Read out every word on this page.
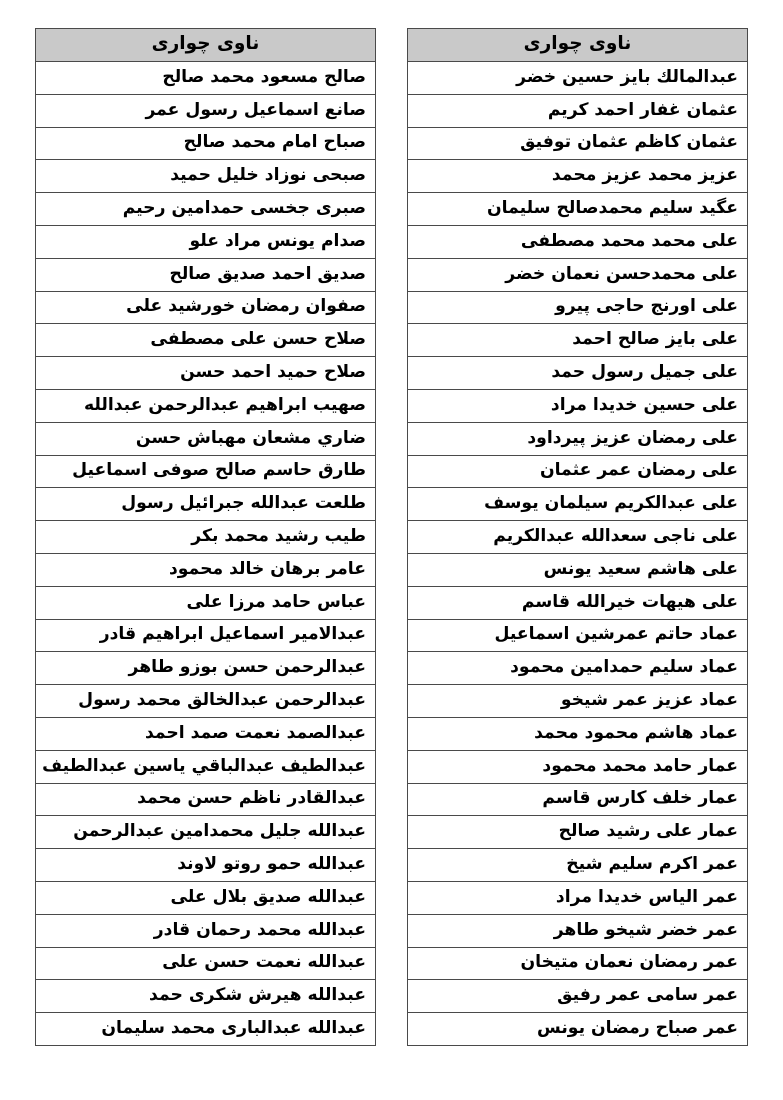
ناوی چواری
صالح مسعود محمد صالح
صانع اسماعيل رسول عمر
صباح امام محمد صالح
صبحى نوزاد خليل حميد
صبرى جخسى حمدامين رحيم
صدام يونس مراد علو
صديق احمد صديق صالح
صفوان رمضان خورشيد على
صلاح حسن على مصطفى
صلاح حميد احمد حسن
صهيب ابراهيم عبدالرحمن عبدالله
ضاري مشعان مهباش حسن
طارق حاسم صالح صوفى اسماعيل
طلعت عبدالله جبرائيل رسول
طيب رشيد محمد بكر
عامر برهان خالد محمود
عباس حامد مرزا على
عبدالامير اسماعيل ابراهيم قادر
عبدالرحمن حسن بوزو طاهر
عبدالرحمن عبدالخالق محمد رسول
عبدالصمد نعمت صمد احمد
عبدالطيف عبدالباقي ياسين عبدالطيف
عبدالقادر ناظم حسن محمد
عبدالله جليل محمدامين عبدالرحمن
عبدالله حمو روتو لاوند
عبدالله صديق بلال على
عبدالله محمد رحمان قادر
عبدالله نعمت حسن على
عبدالله هيرش شكرى حمد
عبدالله عبدالبارى محمد سليمان
ناوی چواری
عبدالمالك بايز حسين خضر
عثمان غفار احمد كريم
عثمان كاظم عثمان توفيق
عزيز محمد عزيز محمد
عگيد سليم محمدصالح سليمان
على محمد محمد مصطفى
على محمدحسن نعمان خضر
على اورنج حاجى پيرو
على بايز صالح احمد
على جميل رسول حمد
على حسين خديدا مراد
على رمضان عزيز پيرداود
على رمضان عمر عثمان
على عبدالكريم سيلمان يوسف
على ناجى سعدالله عبدالكريم
على هاشم سعيد يونس
على هيهات خيرالله قاسم
عماد حاتم عمرشين اسماعيل
عماد سليم حمدامين محمود
عماد عزيز عمر شيخو
عماد هاشم محمود محمد
عمار حامد محمد محمود
عمار خلف كارس قاسم
عمار على رشيد صالح
عمر اكرم سليم شيخ
عمر الياس خديدا مراد
عمر خضر شيخو طاهر
عمر رمضان نعمان متيخان
عمر سامى عمر رفيق
عمر صباح رمضان يونس
